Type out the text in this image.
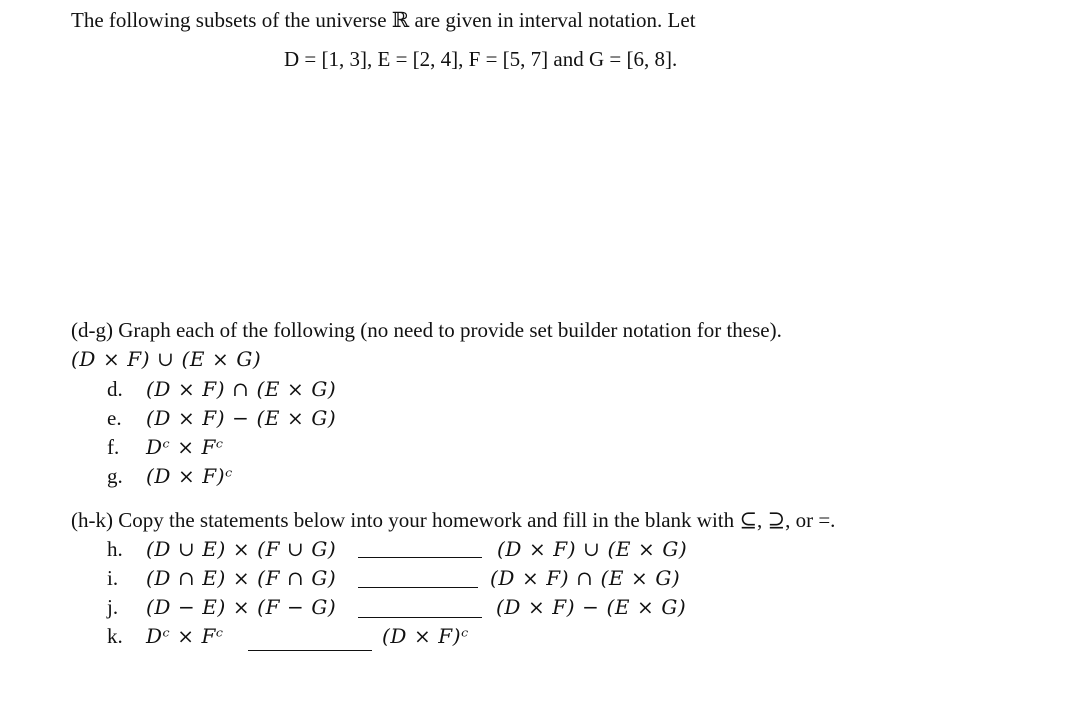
The following subsets of the universe ℝ are given in interval notation. Let
D = [1, 3], E = [2, 4], F = [5, 7] and G = [6, 8].
(d-g) Graph each of the following (no need to provide set builder notation for these).
(D × F) ∪ (E × G)
d. (D × F) ∩ (E × G)
e. (D × F) − (E × G)
f. Dᶜ × Fᶜ
g. (D × F)ᶜ
(h-k) Copy the statements below into your homework and fill in the blank with ⊆, ⊇, or =.
h. (D ∪ E) × (F ∪ G)	(D × F) ∪ (E × G)
i. (D ∩ E) × (F ∩ G)	(D × F) ∩ (E × G)
j. (D − E) × (F − G)	(D × F) − (E × G)
k. Dᶜ × Fᶜ	(D × F)ᶜ
